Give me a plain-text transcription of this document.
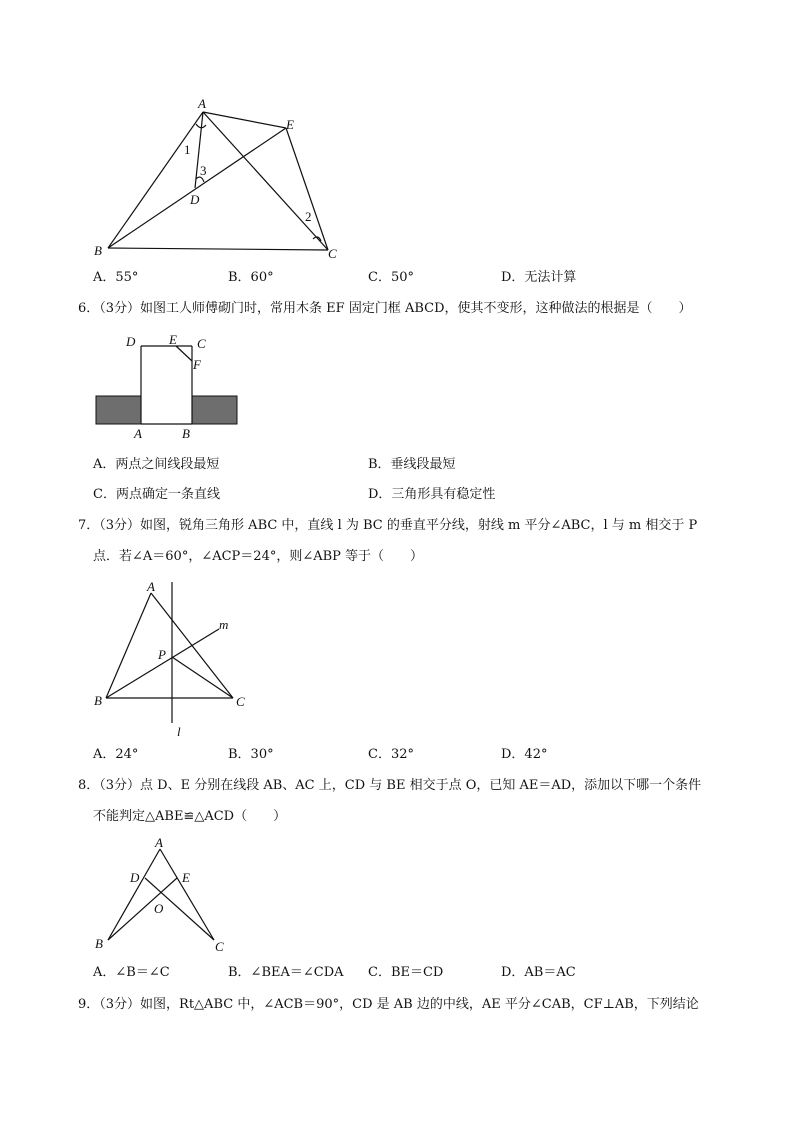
A
E
D
B	C
1
3
2
A．55°	B．60°	C．50°	D．无法计算
6．（3分）如图工人师傅砌门时，常用木条 EF 固定门框 ABCD，使其不变形，这种做法的根据是（　　）
D	E C
F
A	B
A．两点之间线段最短	B．垂线段最短
C．两点确定一条直线	D．三角形具有稳定性
7．（3分）如图，锐角三角形 ABC 中，直线 l 为 BC 的垂直平分线，射线 m 平分∠ABC，l 与 m 相交于 P
点．若∠A＝60°，∠ACP＝24°，则∠ABP 等于（　　）
A
m
P
B	C
l
A．24°	B．30°	C．32°	D．42°
8．（3分）点 D、E 分别在线段 AB、AC 上，CD 与 BE 相交于点 O，已知 AE＝AD，添加以下哪一个条件
不能判定△ABE≌△ACD（　　）
A
D	E
O
B	C
A．∠B＝∠C	B．∠BEA＝∠CDA C．BE＝CD	D．AB＝AC
9．（3分）如图，Rt△ABC 中，∠ACB＝90°，CD 是 AB 边的中线，AE 平分∠CAB，CF⊥AB，下列结论
